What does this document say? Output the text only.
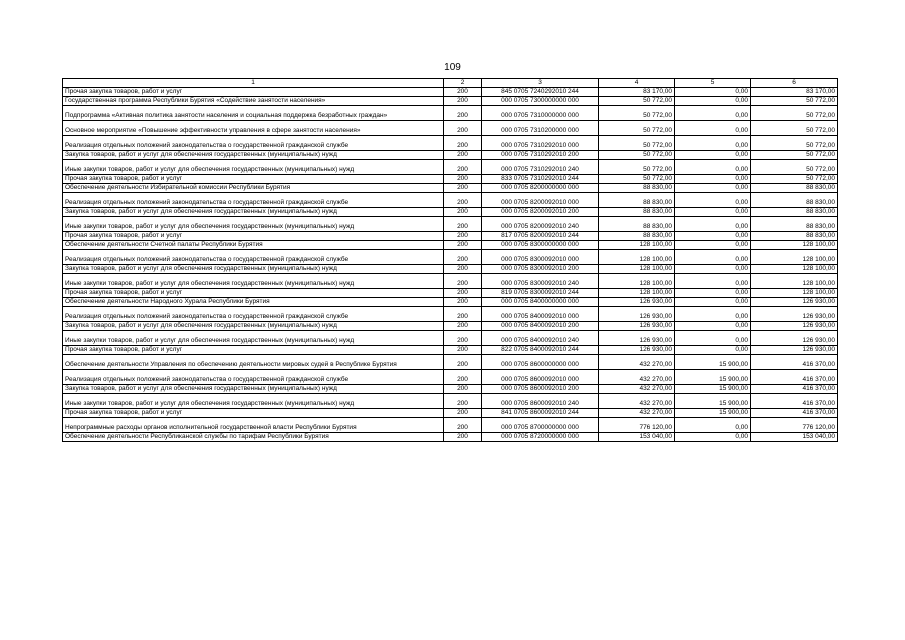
109
1	2	3	4	5	6
Прочая закупка товаров, работ и услуг	200	845 0705 7240292010 244	83 170,00	0,00	83 170,00
Государственная программа Республики Бурятия «Содействие занятости населения»	200	000 0705 7300000000 000	50 772,00	0,00	50 772,00
Подпрограмма «Активная политика занятости населения и социальная поддержка безработных граждан»	200	000 0705 7310000000 000	50 772,00	0,00	50 772,00
Основное мероприятие «Повышение эффективности управления в сфере занятости населения»	200	000 0705 7310200000 000	50 772,00	0,00	50 772,00
Реализация отдельных положений законодательства о государственной гражданской службе	200	000 0705 7310292010 000	50 772,00	0,00	50 772,00
Закупка товаров, работ и услуг для обеспечения государственных (муниципальных) нужд	200	000 0705 7310292010 200	50 772,00	0,00	50 772,00
Иные закупки товаров, работ и услуг для обеспечения государственных (муниципальных) нужд	200	000 0705 7310292010 240	50 772,00	0,00	50 772,00
Прочая закупка товаров, работ и услуг	200	833 0705 7310292010 244	50 772,00	0,00	50 772,00
Обеспечение деятельности Избирательной комиссии Республики Бурятия	200	000 0705 8200000000 000	88 830,00	0,00	88 830,00
Реализация отдельных положений законодательства о государственной гражданской службе	200	000 0705 8200092010 000	88 830,00	0,00	88 830,00
Закупка товаров, работ и услуг для обеспечения государственных (муниципальных) нужд	200	000 0705 8200092010 200	88 830,00	0,00	88 830,00
Иные закупки товаров, работ и услуг для обеспечения государственных (муниципальных) нужд	200	000 0705 8200092010 240	88 830,00	0,00	88 830,00
Прочая закупка товаров, работ и услуг	200	817 0705 8200092010 244	88 830,00	0,00	88 830,00
Обеспечение деятельности Счетной палаты Республики Бурятия	200	000 0705 8300000000 000	128 100,00	0,00	128 100,00
Реализация отдельных положений законодательства о государственной гражданской службе	200	000 0705 8300092010 000	128 100,00	0,00	128 100,00
Закупка товаров, работ и услуг для обеспечения государственных (муниципальных) нужд	200	000 0705 8300092010 200	128 100,00	0,00	128 100,00
Иные закупки товаров, работ и услуг для обеспечения государственных (муниципальных) нужд	200	000 0705 8300092010 240	128 100,00	0,00	128 100,00
Прочая закупка товаров, работ и услуг	200	819 0705 8300092010 244	128 100,00	0,00	128 100,00
Обеспечение деятельности Народного Хурала Республики Бурятия	200	000 0705 8400000000 000	126 930,00	0,00	126 930,00
Реализация отдельных положений законодательства о государственной гражданской службе	200	000 0705 8400092010 000	126 930,00	0,00	126 930,00
Закупка товаров, работ и услуг для обеспечения государственных (муниципальных) нужд	200	000 0705 8400092010 200	126 930,00	0,00	126 930,00
Иные закупки товаров, работ и услуг для обеспечения государственных (муниципальных) нужд	200	000 0705 8400092010 240	126 930,00	0,00	126 930,00
Прочая закупка товаров, работ и услуг	200	822 0705 8400092010 244	126 930,00	0,00	126 930,00
Обеспечение деятельности Управления по обеспечению деятельности мировых судей в Республике Бурятия	200	000 0705 8600000000 000	432 270,00	15 900,00	416 370,00
Реализация отдельных положений законодательства о государственной гражданской службе	200	000 0705 8600092010 000	432 270,00	15 900,00	416 370,00
Закупка товаров, работ и услуг для обеспечения государственных (муниципальных) нужд	200	000 0705 8600092010 200	432 270,00	15 900,00	416 370,00
Иные закупки товаров, работ и услуг для обеспечения государственных (муниципальных) нужд	200	000 0705 8600092010 240	432 270,00	15 900,00	416 370,00
Прочая закупка товаров, работ и услуг	200	841 0705 8600092010 244	432 270,00	15 900,00	416 370,00
Непрограммные расходы органов исполнительной государственной власти Республики Бурятия	200	000 0705 8700000000 000	776 120,00	0,00	776 120,00
Обеспечение деятельности Республиканской службы по тарифам Республики Бурятия	200	000 0705 8720000000 000	153 040,00	0,00	153 040,00
